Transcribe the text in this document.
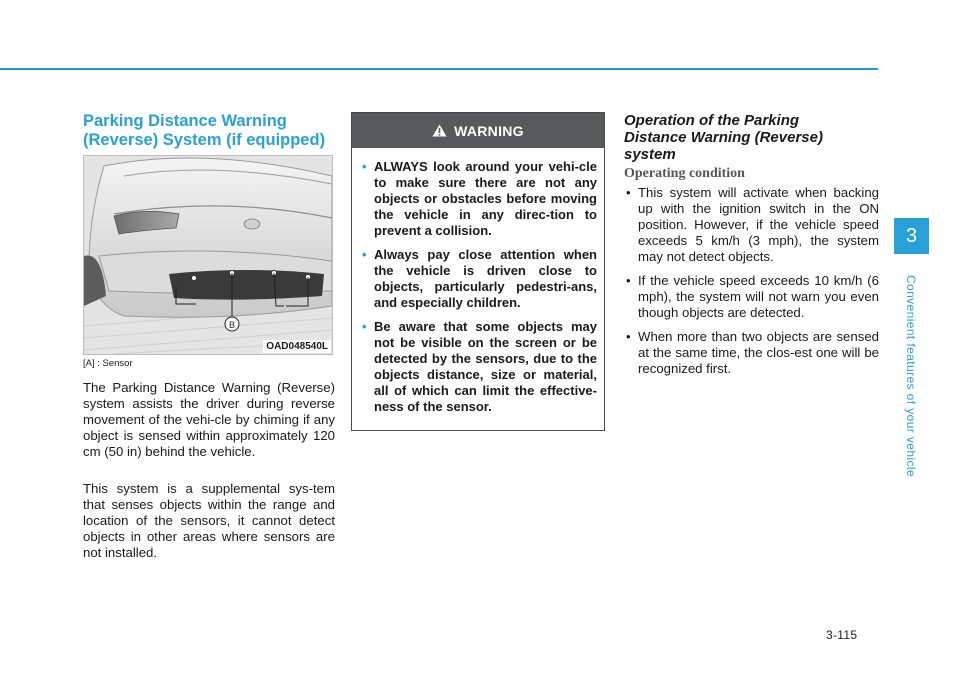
Parking Distance Warning
(Reverse) System (if equipped)
B
OAD048540L
[A] : Sensor

The Parking Distance Warning (Reverse) system assists the driver during reverse movement of the vehi-cle by chiming if any object is sensed within approximately 120 cm (50 in) behind the vehicle.

This system is a supplemental sys-tem that senses objects within the range and location of the sensors, it cannot detect objects in other areas where sensors are not installed.

WARNING
• ALWAYS look around your vehi-cle to make sure there are not any objects or obstacles before moving the vehicle in any direc-tion to prevent a collision.
• Always pay close attention when the vehicle is driven close to objects, particularly pedestri-ans, and especially children.
• Be aware that some objects may not be visible on the screen or be detected by the sensors, due to the objects distance, size or material, all of which can limit the effective-ness of the sensor.
Operation of the Parking Distance Warning (Reverse) system
Operating condition
• This system will activate when backing up with the ignition switch in the ON position. However, if the vehicle speed exceeds 5 km/h (3 mph), the system may not detect objects.
• If the vehicle speed exceeds 10 km/h (6 mph), the system will not warn you even though objects are detected.
• When more than two objects are sensed at the same time, the clos-est one will be recognized first.
3
Convenient features of your vehicle
3-115
